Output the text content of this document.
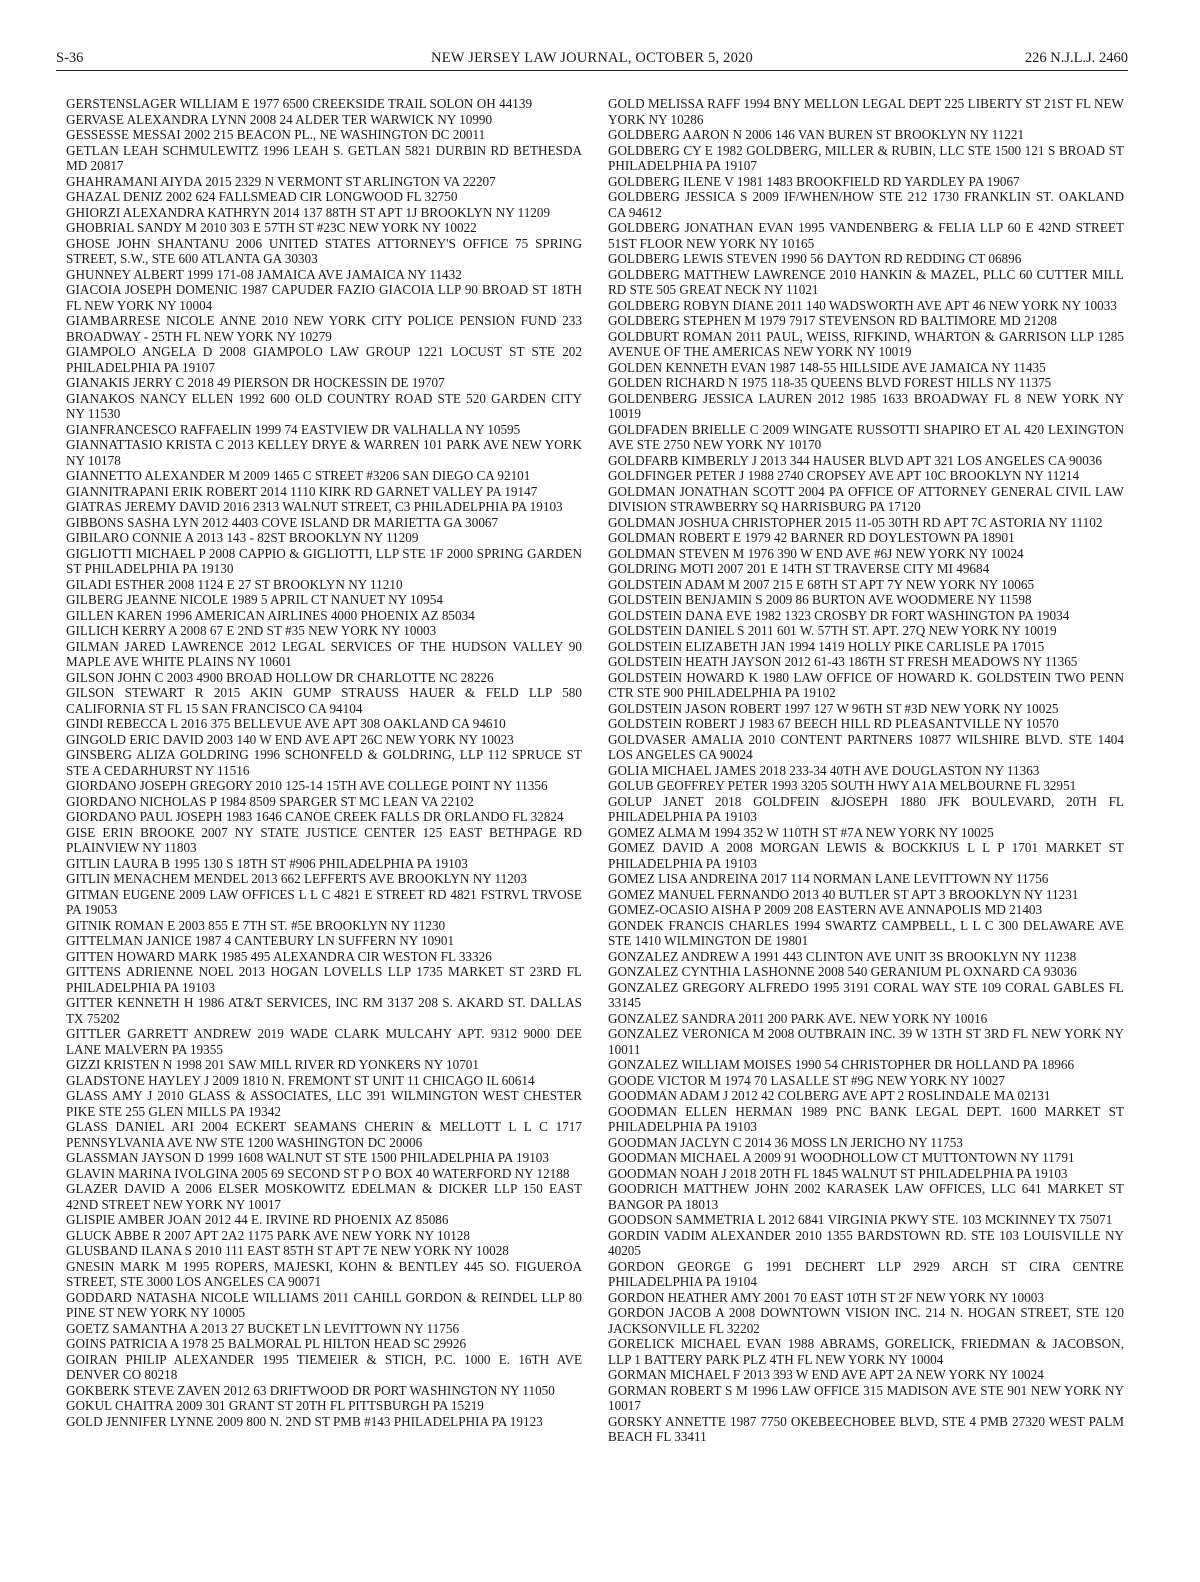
S-36	NEW JERSEY LAW JOURNAL, OCTOBER 5, 2020	226 N.J.L.J. 2460

GERSTENSLAGER WILLIAM E 1977 6500 CREEKSIDE TRAIL SOLON OH 44139

GERVASE ALEXANDRA LYNN 2008 24 ALDER TER WARWICK NY 10990

GESSESSE MESSAI 2002 215 BEACON PL., NE WASHINGTON DC 20011

GETLAN LEAH SCHMULEWITZ 1996 LEAH S. GETLAN 5821 DURBIN RD BETHESDA MD 20817

GHAHRAMANI AIYDA 2015 2329 N VERMONT ST ARLINGTON VA 22207

GHAZAL DENIZ 2002 624 FALLSMEAD CIR LONGWOOD FL 32750

GHIORZI ALEXANDRA KATHRYN 2014 137 88TH ST APT 1J BROOKLYN NY 11209

GHOBRIAL SANDY M 2010 303 E 57TH ST #23C NEW YORK NY 10022

GHOSE JOHN SHANTANU 2006 UNITED STATES ATTORNEY'S OFFICE 75 SPRING STREET, S.W., STE 600 ATLANTA GA 30303

GHUNNEY ALBERT 1999 171-08 JAMAICA AVE JAMAICA NY 11432

GIACOIA JOSEPH DOMENIC 1987 CAPUDER FAZIO GIACOIA LLP 90 BROAD ST 18TH FL NEW YORK NY 10004

GIAMBARRESE NICOLE ANNE 2010 NEW YORK CITY POLICE PENSION FUND 233 BROADWAY - 25TH FL NEW YORK NY 10279

GIAMPOLO ANGELA D 2008 GIAMPOLO LAW GROUP 1221 LOCUST ST STE 202 PHILADELPHIA PA 19107

GIANAKIS JERRY C 2018 49 PIERSON DR HOCKESSIN DE 19707

GIANAKOS NANCY ELLEN 1992 600 OLD COUNTRY ROAD STE 520 GARDEN CITY NY 11530

GIANFRANCESCO RAFFAELIN 1999 74 EASTVIEW DR VALHALLA NY 10595

GIANNATTASIO KRISTA C 2013 KELLEY DRYE & WARREN 101 PARK AVE NEW YORK NY 10178

GIANNETTO ALEXANDER M 2009 1465 C STREET #3206 SAN DIEGO CA 92101

GIANNITRAPANI ERIK ROBERT 2014 1110 KIRK RD GARNET VALLEY PA 19147

GIATRAS JEREMY DAVID 2016 2313 WALNUT STREET, C3 PHILADELPHIA PA 19103

GIBBONS SASHA LYN 2012 4403 COVE ISLAND DR MARIETTA GA 30067

GIBILARO CONNIE A 2013 143 - 82ST BROOKLYN NY 11209

GIGLIOTTI MICHAEL P 2008 CAPPIO & GIGLIOTTI, LLP STE 1F 2000 SPRING GARDEN ST PHILADELPHIA PA 19130

GILADI ESTHER 2008 1124 E 27 ST BROOKLYN NY 11210

GILBERG JEANNE NICOLE 1989 5 APRIL CT NANUET NY 10954

GILLEN KAREN 1996 AMERICAN AIRLINES 4000 PHOENIX AZ 85034

GILLICH KERRY A 2008 67 E 2ND ST #35 NEW YORK NY 10003

GILMAN JARED LAWRENCE 2012 LEGAL SERVICES OF THE HUDSON VALLEY 90 MAPLE AVE WHITE PLAINS NY 10601

GILSON JOHN C 2003 4900 BROAD HOLLOW DR CHARLOTTE NC 28226

GILSON STEWART R 2015 AKIN GUMP STRAUSS HAUER & FELD LLP 580 CALIFORNIA ST FL 15 SAN FRANCISCO CA 94104

GINDI REBECCA L 2016 375 BELLEVUE AVE APT 308 OAKLAND CA 94610

GINGOLD ERIC DAVID 2003 140 W END AVE APT 26C NEW YORK NY 10023

GINSBERG ALIZA GOLDRING 1996 SCHONFELD & GOLDRING, LLP 112 SPRUCE ST STE A CEDARHURST NY 11516

GIORDANO JOSEPH GREGORY 2010 125-14 15TH AVE COLLEGE POINT NY 11356

GIORDANO NICHOLAS P 1984 8509 SPARGER ST MC LEAN VA 22102

GIORDANO PAUL JOSEPH 1983 1646 CANOE CREEK FALLS DR ORLANDO FL 32824

GISE ERIN BROOKE 2007 NY STATE JUSTICE CENTER 125 EAST BETHPAGE RD PLAINVIEW NY 11803

GITLIN LAURA B 1995 130 S 18TH ST #906 PHILADELPHIA PA 19103

GITLIN MENACHEM MENDEL 2013 662 LEFFERTS AVE BROOKLYN NY 11203

GITMAN EUGENE 2009 LAW OFFICES L L C 4821 E STREET RD 4821 FSTRVL TRVOSE PA 19053

GITNIK ROMAN E 2003 855 E 7TH ST. #5E BROOKLYN NY 11230

GITTELMAN JANICE 1987 4 CANTEBURY LN SUFFERN NY 10901

GITTEN HOWARD MARK 1985 495 ALEXANDRA CIR WESTON FL 33326

GITTENS ADRIENNE NOEL 2013 HOGAN LOVELLS LLP 1735 MARKET ST 23RD FL PHILADELPHIA PA 19103

GITTER KENNETH H 1986 AT&T SERVICES, INC RM 3137 208 S. AKARD ST. DALLAS TX 75202

GITTLER GARRETT ANDREW 2019 WADE CLARK MULCAHY APT. 9312 9000 DEE LANE MALVERN PA 19355

GIZZI KRISTEN N 1998 201 SAW MILL RIVER RD YONKERS NY 10701

GLADSTONE HAYLEY J 2009 1810 N. FREMONT ST UNIT 11 CHICAGO IL 60614

GLASS AMY J 2010 GLASS & ASSOCIATES, LLC 391 WILMINGTON WEST CHESTER PIKE STE 255 GLEN MILLS PA 19342

GLASS DANIEL ARI 2004 ECKERT SEAMANS CHERIN & MELLOTT L L C 1717 PENNSYLVANIA AVE NW STE 1200 WASHINGTON DC 20006

GLASSMAN JAYSON D 1999 1608 WALNUT ST STE 1500 PHILADELPHIA PA 19103

GLAVIN MARINA IVOLGINA 2005 69 SECOND ST P O BOX 40 WATERFORD NY 12188

GLAZER DAVID A 2006 ELSER MOSKOWITZ EDELMAN & DICKER LLP 150 EAST 42ND STREET NEW YORK NY 10017

GLISPIE AMBER JOAN 2012 44 E. IRVINE RD PHOENIX AZ 85086

GLUCK ABBE R 2007 APT 2A2 1175 PARK AVE NEW YORK NY 10128

GLUSBAND ILANA S 2010 111 EAST 85TH ST APT 7E NEW YORK NY 10028

GNESIN MARK M 1995 ROPERS, MAJESKI, KOHN & BENTLEY 445 SO. FIGUEROA STREET, STE 3000 LOS ANGELES CA 90071

GODDARD NATASHA NICOLE WILLIAMS 2011 CAHILL GORDON & REINDEL LLP 80 PINE ST NEW YORK NY 10005

GOETZ SAMANTHA A 2013 27 BUCKET LN LEVITTOWN NY 11756

GOINS PATRICIA A 1978 25 BALMORAL PL HILTON HEAD SC 29926

GOIRAN PHILIP ALEXANDER 1995 TIEMEIER & STICH, P.C. 1000 E. 16TH AVE DENVER CO 80218

GOKBERK STEVE ZAVEN 2012 63 DRIFTWOOD DR PORT WASHINGTON NY 11050

GOKUL CHAITRA 2009 301 GRANT ST 20TH FL PITTSBURGH PA 15219

GOLD JENNIFER LYNNE 2009 800 N. 2ND ST PMB #143 PHILADELPHIA PA 19123

GOLD MELISSA RAFF 1994 BNY MELLON LEGAL DEPT 225 LIBERTY ST 21ST FL NEW YORK NY 10286

GOLDBERG AARON N 2006 146 VAN BUREN ST BROOKLYN NY 11221

GOLDBERG CY E 1982 GOLDBERG, MILLER & RUBIN, LLC STE 1500 121 S BROAD ST PHILADELPHIA PA 19107

GOLDBERG ILENE V 1981 1483 BROOKFIELD RD YARDLEY PA 19067

GOLDBERG JESSICA S 2009 IF/WHEN/HOW STE 212 1730 FRANKLIN ST. OAKLAND CA 94612

GOLDBERG JONATHAN EVAN 1995 VANDENBERG & FELIA LLP 60 E 42ND STREET 51ST FLOOR NEW YORK NY 10165

GOLDBERG LEWIS STEVEN 1990 56 DAYTON RD REDDING CT 06896

GOLDBERG MATTHEW LAWRENCE 2010 HANKIN & MAZEL, PLLC 60 CUTTER MILL RD STE 505 GREAT NECK NY 11021

GOLDBERG ROBYN DIANE 2011 140 WADSWORTH AVE APT 46 NEW YORK NY 10033

GOLDBERG STEPHEN M 1979 7917 STEVENSON RD BALTIMORE MD 21208

GOLDBURT ROMAN 2011 PAUL, WEISS, RIFKIND, WHARTON & GARRISON LLP 1285 AVENUE OF THE AMERICAS NEW YORK NY 10019

GOLDEN KENNETH EVAN 1987 148-55 HILLSIDE AVE JAMAICA NY 11435

GOLDEN RICHARD N 1975 118-35 QUEENS BLVD FOREST HILLS NY 11375

GOLDENBERG JESSICA LAUREN 2012 1985 1633 BROADWAY FL 8 NEW YORK NY 10019

GOLDFADEN BRIELLE C 2009 WINGATE RUSSOTTI SHAPIRO ET AL 420 LEXINGTON AVE STE 2750 NEW YORK NY 10170

GOLDFARB KIMBERLY J 2013 344 HAUSER BLVD APT 321 LOS ANGELES CA 90036

GOLDFINGER PETER J 1988 2740 CROPSEY AVE APT 10C BROOKLYN NY 11214

GOLDMAN JONATHAN SCOTT 2004 PA OFFICE OF ATTORNEY GENERAL CIVIL LAW DIVISION STRAWBERRY SQ HARRISBURG PA 17120

GOLDMAN JOSHUA CHRISTOPHER 2015 11-05 30TH RD APT 7C ASTORIA NY 11102

GOLDMAN ROBERT E 1979 42 BARNER RD DOYLESTOWN PA 18901

GOLDMAN STEVEN M 1976 390 W END AVE #6J NEW YORK NY 10024

GOLDRING MOTI 2007 201 E 14TH ST TRAVERSE CITY MI 49684

GOLDSTEIN ADAM M 2007 215 E 68TH ST APT 7Y NEW YORK NY 10065

GOLDSTEIN BENJAMIN S 2009 86 BURTON AVE WOODMERE NY 11598

GOLDSTEIN DANA EVE 1982 1323 CROSBY DR FORT WASHINGTON PA 19034

GOLDSTEIN DANIEL S 2011 601 W. 57TH ST. APT. 27Q NEW YORK NY 10019

GOLDSTEIN ELIZABETH JAN 1994 1419 HOLLY PIKE CARLISLE PA 17015

GOLDSTEIN HEATH JAYSON 2012 61-43 186TH ST FRESH MEADOWS NY 11365

GOLDSTEIN HOWARD K 1980 LAW OFFICE OF HOWARD K. GOLDSTEIN TWO PENN CTR STE 900 PHILADELPHIA PA 19102

GOLDSTEIN JASON ROBERT 1997 127 W 96TH ST #3D NEW YORK NY 10025

GOLDSTEIN ROBERT J 1983 67 BEECH HILL RD PLEASANTVILLE NY 10570

GOLDVASER AMALIA 2010 CONTENT PARTNERS 10877 WILSHIRE BLVD. STE 1404 LOS ANGELES CA 90024

GOLIA MICHAEL JAMES 2018 233-34 40TH AVE DOUGLASTON NY 11363

GOLUB GEOFFREY PETER 1993 3205 SOUTH HWY A1A MELBOURNE FL 32951

GOLUP JANET 2018 GOLDFEIN &JOSEPH 1880 JFK BOULEVARD, 20TH FL PHILADELPHIA PA 19103

GOMEZ ALMA M 1994 352 W 110TH ST #7A NEW YORK NY 10025

GOMEZ DAVID A 2008 MORGAN LEWIS & BOCKKIUS L L P 1701 MARKET ST PHILADELPHIA PA 19103

GOMEZ LISA ANDREINA 2017 114 NORMAN LANE LEVITTOWN NY 11756

GOMEZ MANUEL FERNANDO 2013 40 BUTLER ST APT 3 BROOKLYN NY 11231

GOMEZ-OCASIO AISHA P 2009 208 EASTERN AVE ANNAPOLIS MD 21403

GONDEK FRANCIS CHARLES 1994 SWARTZ CAMPBELL, L L C 300 DELAWARE AVE STE 1410 WILMINGTON DE 19801

GONZALEZ ANDREW A 1991 443 CLINTON AVE UNIT 3S BROOKLYN NY 11238

GONZALEZ CYNTHIA LASHONNE 2008 540 GERANIUM PL OXNARD CA 93036

GONZALEZ GREGORY ALFREDO 1995 3191 CORAL WAY STE 109 CORAL GABLES FL 33145

GONZALEZ SANDRA 2011 200 PARK AVE. NEW YORK NY 10016

GONZALEZ VERONICA M 2008 OUTBRAIN INC. 39 W 13TH ST 3RD FL NEW YORK NY 10011

GONZALEZ WILLIAM MOISES 1990 54 CHRISTOPHER DR HOLLAND PA 18966

GOODE VICTOR M 1974 70 LASALLE ST #9G NEW YORK NY 10027

GOODMAN ADAM J 2012 42 COLBERG AVE APT 2 ROSLINDALE MA 02131

GOODMAN ELLEN HERMAN 1989 PNC BANK LEGAL DEPT. 1600 MARKET ST PHILADELPHIA PA 19103

GOODMAN JACLYN C 2014 36 MOSS LN JERICHO NY 11753

GOODMAN MICHAEL A 2009 91 WOODHOLLOW CT MUTTONTOWN NY 11791

GOODMAN NOAH J 2018 20TH FL 1845 WALNUT ST PHILADELPHIA PA 19103

GOODRICH MATTHEW JOHN 2002 KARASEK LAW OFFICES, LLC 641 MARKET ST BANGOR PA 18013

GOODSON SAMMETRIA L 2012 6841 VIRGINIA PKWY STE. 103 MCKINNEY TX 75071

GORDIN VADIM ALEXANDER 2010 1355 BARDSTOWN RD. STE 103 LOUISVILLE NY 40205

GORDON GEORGE G 1991 DECHERT LLP 2929 ARCH ST CIRA CENTRE PHILADELPHIA PA 19104

GORDON HEATHER AMY 2001 70 EAST 10TH ST 2F NEW YORK NY 10003

GORDON JACOB A 2008 DOWNTOWN VISION INC. 214 N. HOGAN STREET, STE 120 JACKSONVILLE FL 32202

GORELICK MICHAEL EVAN 1988 ABRAMS, GORELICK, FRIEDMAN & JACOBSON, LLP 1 BATTERY PARK PLZ 4TH FL NEW YORK NY 10004

GORMAN MICHAEL F 2013 393 W END AVE APT 2A NEW YORK NY 10024

GORMAN ROBERT S M 1996 LAW OFFICE 315 MADISON AVE STE 901 NEW YORK NY 10017

GORSKY ANNETTE 1987 7750 OKEBEECHOBEE BLVD, STE 4 PMB 27320 WEST PALM BEACH FL 33411
